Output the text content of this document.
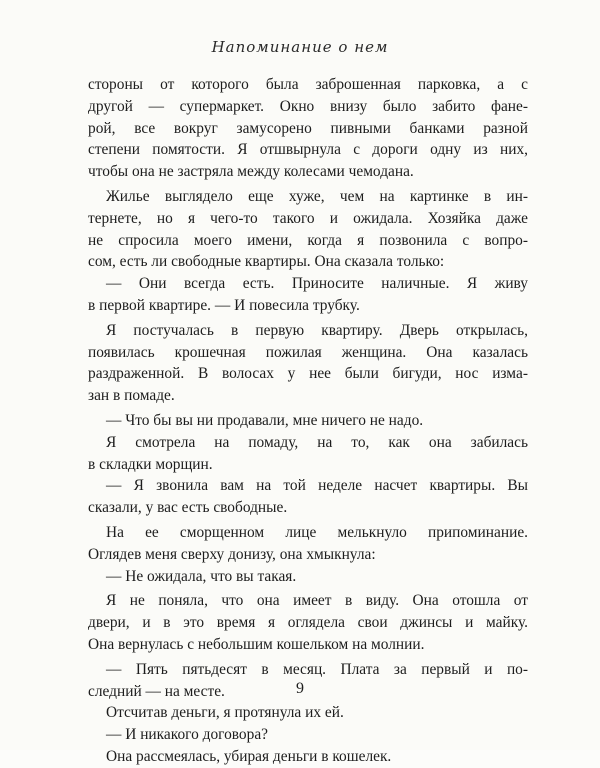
Напоминание о нем
стороны от которого была заброшенная парковка, а с
другой — супермаркет. Окно внизу было забито фане-
рой, все вокруг замусорено пивными банками разной
степени помятости. Я отшвырнула с дороги одну из них,
чтобы она не застряла между колесами чемодана.
Жилье выглядело еще хуже, чем на картинке в ин-
тернете, но я чего-то такого и ожидала. Хозяйка даже
не спросила моего имени, когда я позвонила с вопро-
сом, есть ли свободные квартиры. Она сказала только:
— Они всегда есть. Приносите наличные. Я живу
в первой квартире. — И повесила трубку.
Я постучалась в первую квартиру. Дверь открылась,
появилась крошечная пожилая женщина. Она казалась
раздраженной. В волосах у нее были бигуди, нос измa-
зан в помаде.
— Что бы вы ни продавали, мне ничего не надо.
Я смотрела на помаду, на то, как она забилась
в складки морщин.
— Я звонила вам на той неделе насчет квартиры. Вы
сказали, у вас есть свободные.
На ее сморщенном лице мелькнуло припоминание.
Оглядев меня сверху донизу, она хмыкнула:
— Не ожидала, что вы такая.
Я не поняла, что она имеет в виду. Она отошла от
двери, и в это время я оглядела свои джинсы и майку.
Она вернулась с небольшим кошельком на молнии.
— Пять пятьдесят в месяц. Плата за первый и по-
следний — на месте.
Отсчитав деньги, я протянула их ей.
— И никакого договора?
Она рассмеялась, убирая деньги в кошелек.
9
